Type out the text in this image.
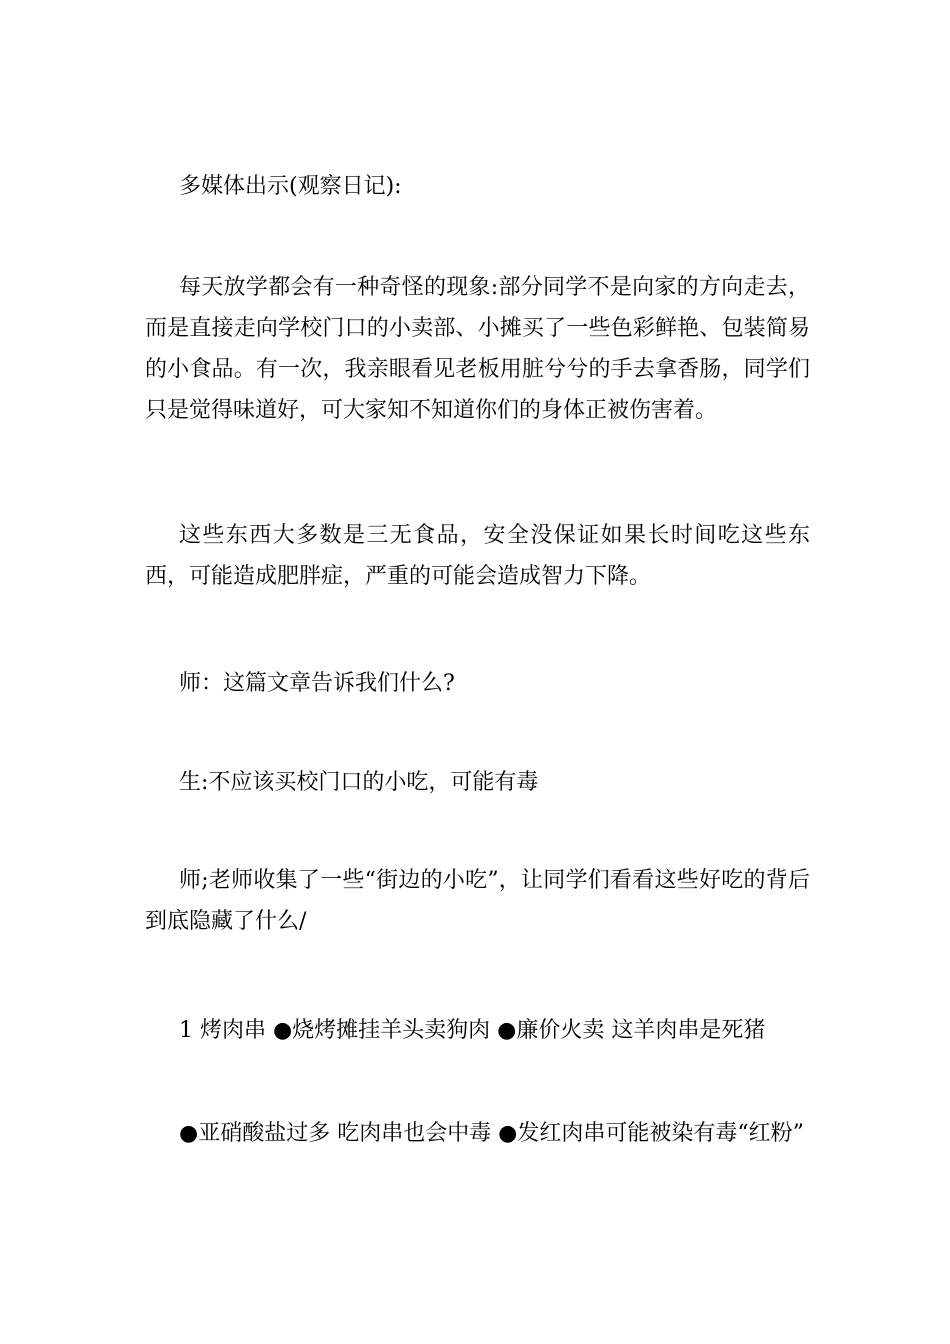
多媒体出示(观察日记):

每天放学都会有一种奇怪的现象:部分同学不是向家的方向走去，而是直接走向学校门口的小卖部、小摊买了一些色彩鲜艳、包装简易的小食品。有一次，我亲眼看见老板用脏兮兮的手去拿香肠，同学们只是觉得味道好，可大家知不知道你们的身体正被伤害着。

这些东西大多数是三无食品，安全没保证如果长时间吃这些东西，可能造成肥胖症，严重的可能会造成智力下降。

师：这篇文章告诉我们什么?

生:不应该买校门口的小吃，可能有毒

师;老师收集了一些“街边的小吃”，让同学们看看这些好吃的背后到底隐藏了什么/

1 烤肉串 ●烧烤摊挂羊头卖狗肉 ●廉价火卖 这羊肉串是死猪

●亚硝酸盐过多 吃肉串也会中毒 ●发红肉串可能被染有毒“红粉”
